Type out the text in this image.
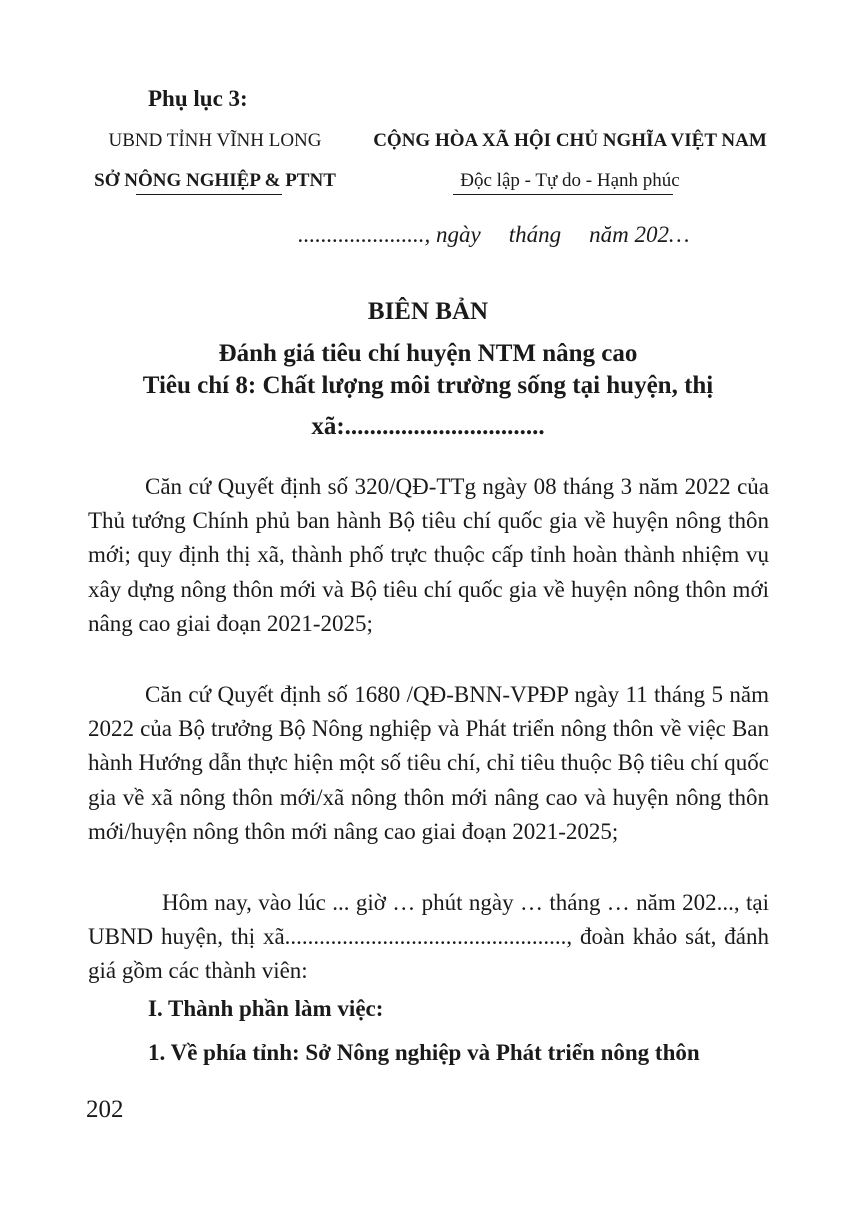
Phụ lục 3:
UBND TỈNH VĨNH LONG
SỞ NÔNG NGHIỆP & PTNT
CỘNG HÒA XÃ HỘI CHỦ NGHĨA VIỆT NAM
Độc lập - Tự do - Hạnh phúc
......................, ngày tháng năm 202…
BIÊN BẢN
Đánh giá tiêu chí huyện NTM nâng cao
Tiêu chí 8: Chất lượng môi trường sống tại huyện, thị
xã:................................
Căn cứ Quyết định số 320/QĐ-TTg ngày 08 tháng 3 năm 2022 của Thủ tướng Chính phủ ban hành Bộ tiêu chí quốc gia về huyện nông thôn mới; quy định thị xã, thành phố trực thuộc cấp tỉnh hoàn thành nhiệm vụ xây dựng nông thôn mới và Bộ tiêu chí quốc gia về huyện nông thôn mới nâng cao giai đoạn 2021-2025;
Căn cứ Quyết định số 1680 /QĐ-BNN-VPĐP ngày 11 tháng 5 năm 2022 của Bộ trưởng Bộ Nông nghiệp và Phát triển nông thôn về việc Ban hành Hướng dẫn thực hiện một số tiêu chí, chỉ tiêu thuộc Bộ tiêu chí quốc gia về xã nông thôn mới/xã nông thôn mới nâng cao và huyện nông thôn mới/huyện nông thôn mới nâng cao giai đoạn 2021-2025;
Hôm nay, vào lúc ... giờ … phút ngày … tháng … năm 202..., tại UBND huyện, thị xã................................................., đoàn khảo sát, đánh giá gồm các thành viên:
I. Thành phần làm việc:
1. Về phía tỉnh: Sở Nông nghiệp và Phát triển nông thôn
202
